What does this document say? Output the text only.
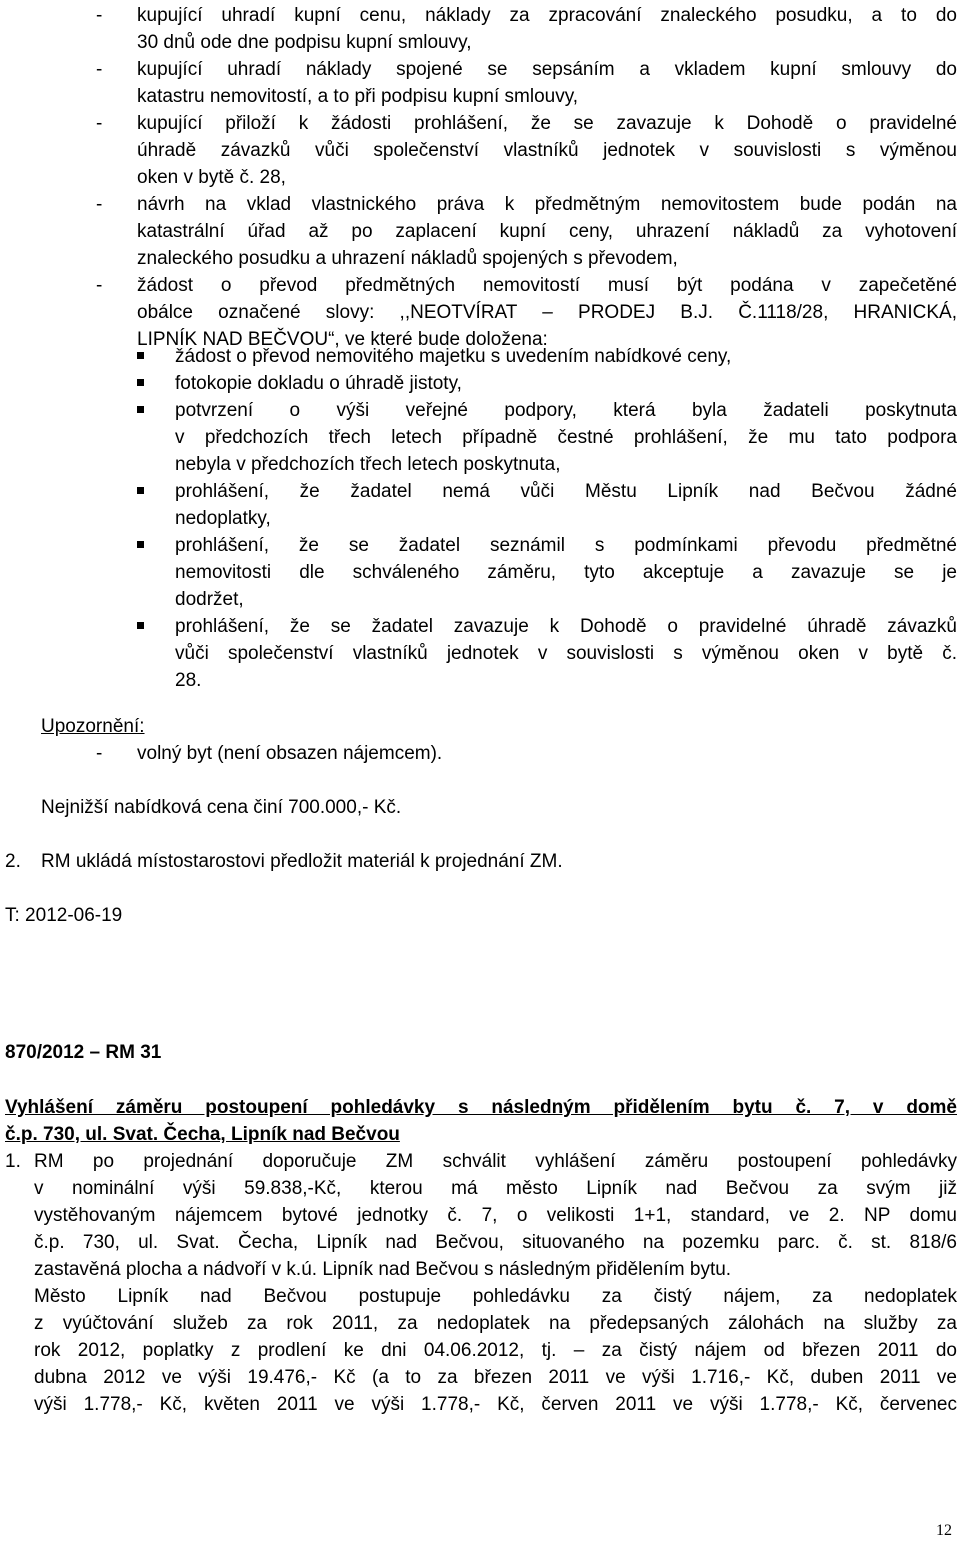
- kupující uhradí kupní cenu, náklady za zpracování znaleckého posudku, a to do
30 dnů ode dne podpisu kupní smlouvy,
- kupující uhradí náklady spojené se sepsáním a vkladem kupní smlouvy do
katastru nemovitostí, a to při podpisu kupní smlouvy,
- kupující přiloží k žádosti prohlášení, že se zavazuje k Dohodě o pravidelné
úhradě závazků vůči společenství vlastníků jednotek v souvislosti s výměnou
oken v bytě č. 28,
- návrh na vklad vlastnického práva k předmětným nemovitostem bude podán na
katastrální úřad až po zaplacení kupní ceny, uhrazení nákladů za vyhotovení
znaleckého posudku a uhrazení nákladů spojených s převodem,
- žádost o převod předmětných nemovitostí musí být podána v zapečetěné
obálce označené slovy: ,,NEOTVÍRAT – PRODEJ B.J. Č.1118/28, HRANICKÁ,
LIPNÍK NAD BEČVOU“, ve které bude doložena:
žádost o převod nemovitého majetku s uvedením nabídkové ceny,
fotokopie dokladu o úhradě jistoty,
potvrzení o výši veřejné podpory, která byla žadateli poskytnuta
v předchozích třech letech případně čestné prohlášení, že mu tato podpora
nebyla v předchozích třech letech poskytnuta,
prohlášení, že žadatel nemá vůči Městu Lipník nad Bečvou žádné
nedoplatky,
prohlášení, že se žadatel seznámil s podmínkami převodu předmětné
nemovitosti dle schváleného záměru, tyto akceptuje a zavazuje se je
dodržet,
prohlášení, že se žadatel zavazuje k Dohodě o pravidelné úhradě závazků
vůči společenství vlastníků jednotek v souvislosti s výměnou oken v bytě č.
28.
Upozornění:
- volný byt (není obsazen nájemcem).
Nejnižší nabídková cena činí 700.000,- Kč.
2. RM ukládá místostarostovi předložit materiál k projednání ZM.
T: 2012-06-19
870/2012 – RM 31
Vyhlášení záměru postoupení pohledávky s následným přidělením bytu č. 7, v domě
č.p. 730, ul. Svat. Čecha, Lipník nad Bečvou
1. RM po projednání doporučuje ZM schválit vyhlášení záměru postoupení pohledávky
v nominální výši 59.838,-Kč, kterou má město Lipník nad Bečvou za svým již
vystěhovaným nájemcem bytové jednotky č. 7, o velikosti 1+1, standard, ve 2. NP domu
č.p. 730, ul. Svat. Čecha, Lipník nad Bečvou, situovaného na pozemku parc. č. st. 818/6
zastavěná plocha a nádvoří v k.ú. Lipník nad Bečvou s následným přidělením bytu.
Město Lipník nad Bečvou postupuje pohledávku za čistý nájem, za nedoplatek
z vyúčtování služeb za rok 2011, za nedoplatek na předepsaných zálohách na služby za
rok 2012, poplatky z prodlení ke dni 04.06.2012, tj. – za čistý nájem od březen 2011 do
dubna 2012 ve výši 19.476,- Kč (a to za březen 2011 ve výši 1.716,- Kč, duben 2011 ve
výši 1.778,- Kč, květen 2011 ve výši 1.778,- Kč, červen 2011 ve výši 1.778,- Kč, červenec
12
